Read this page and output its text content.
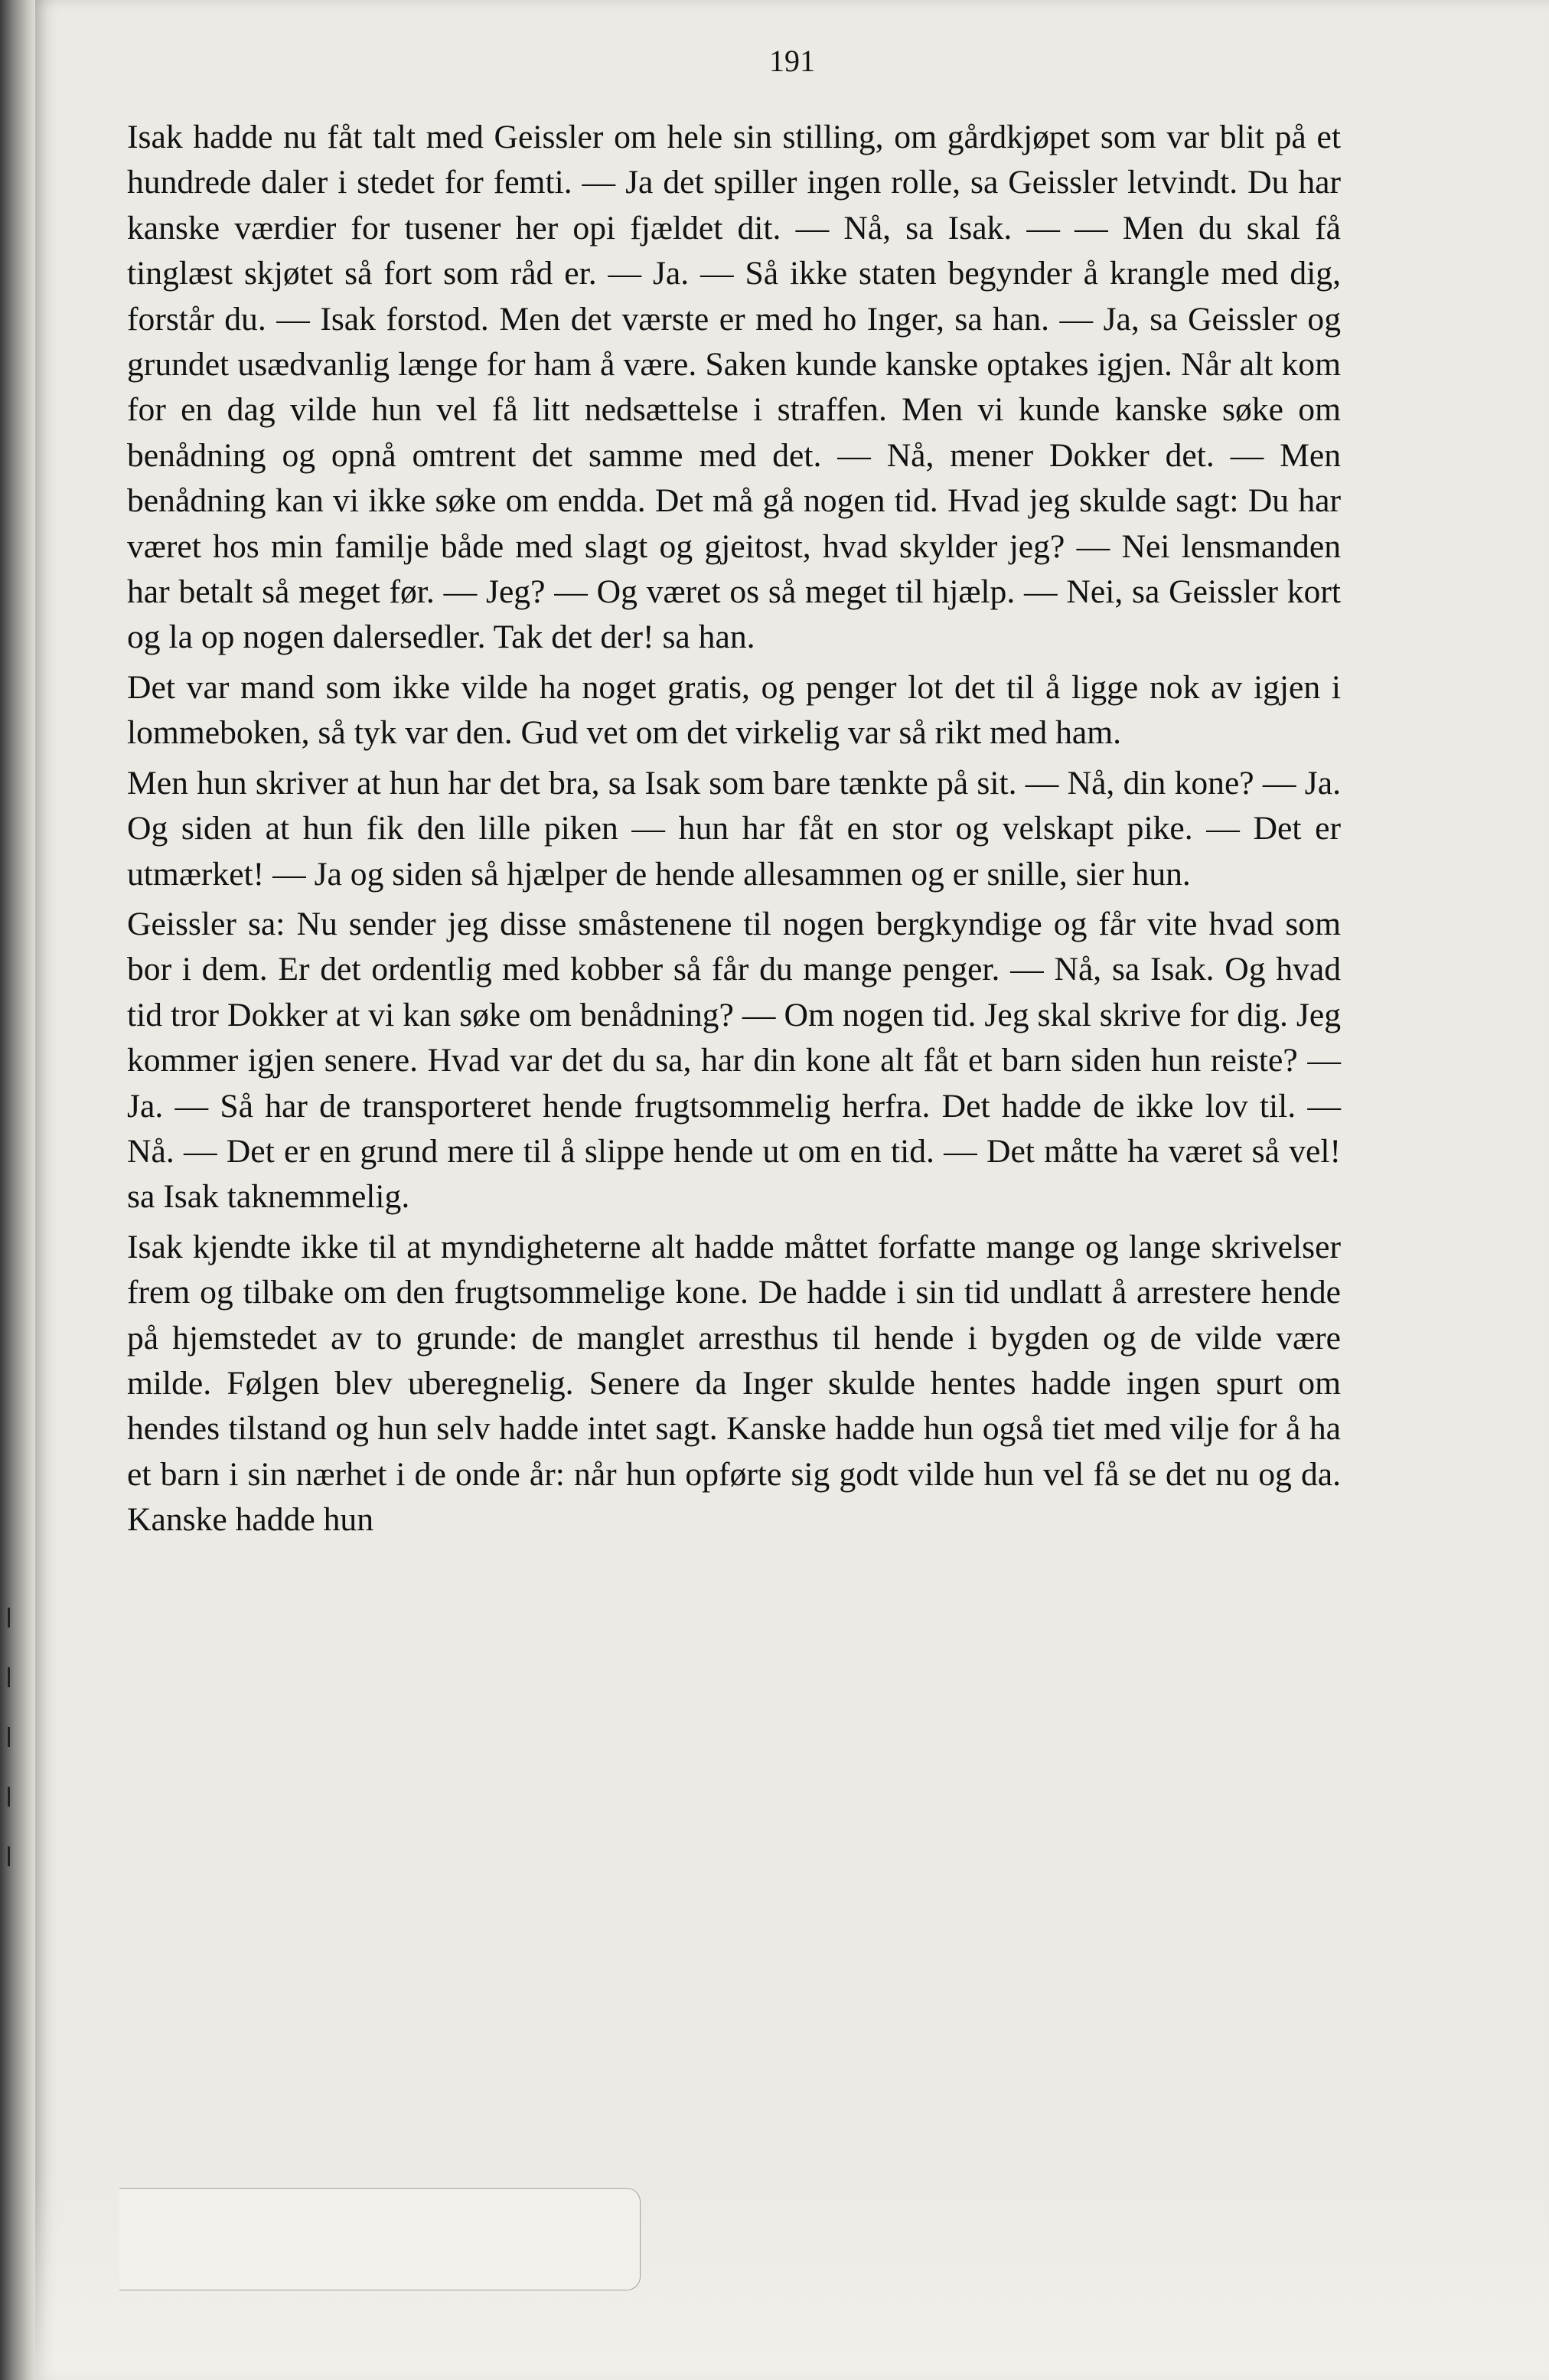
191

Isak hadde nu fåt talt med Geissler om hele sin stilling, om gårdkjøpet som var blit på et hundrede daler i stedet for femti. — Ja det spiller ingen rolle, sa Geissler letvindt. Du har kanske værdier for tusener her opi fjældet dit. — Nå, sa Isak. — — Men du skal få tinglæst skjøtet så fort som råd er. — Ja. — Så ikke staten begynder å krangle med dig, forstår du. — Isak forstod. Men det værste er med ho Inger, sa han. — Ja, sa Geissler og grundet usædvanlig længe for ham å være. Saken kunde kanske optakes igjen. Når alt kom for en dag vilde hun vel få litt nedsættelse i straffen. Men vi kunde kanske søke om benådning og opnå omtrent det samme med det. — Nå, mener Dokker det. — Men benådning kan vi ikke søke om endda. Det må gå nogen tid. Hvad jeg skulde sagt: Du har været hos min familje både med slagt og gjeitost, hvad skylder jeg? — Nei lensmanden har betalt så meget før. — Jeg? — Og været os så meget til hjælp. — Nei, sa Geissler kort og la op nogen dalersedler. Tak det der! sa han.

Det var mand som ikke vilde ha noget gratis, og penger lot det til å ligge nok av igjen i lommeboken, så tyk var den. Gud vet om det virkelig var så rikt med ham.

Men hun skriver at hun har det bra, sa Isak som bare tænkte på sit. — Nå, din kone? — Ja. Og siden at hun fik den lille piken — hun har fåt en stor og velskapt pike. — Det er utmærket! — Ja og siden så hjælper de hende allesammen og er snille, sier hun.

Geissler sa: Nu sender jeg disse småstenene til nogen bergkyndige og får vite hvad som bor i dem. Er det ordentlig med kobber så får du mange penger. — Nå, sa Isak. Og hvad tid tror Dokker at vi kan søke om benådning? — Om nogen tid. Jeg skal skrive for dig. Jeg kommer igjen senere. Hvad var det du sa, har din kone alt fåt et barn siden hun reiste? — Ja. — Så har de transporteret hende frugtsommelig herfra. Det hadde de ikke lov til. — Nå. — Det er en grund mere til å slippe hende ut om en tid. — Det måtte ha været så vel! sa Isak taknemmelig.

Isak kjendte ikke til at myndigheterne alt hadde måttet forfatte mange og lange skrivelser frem og tilbake om den frugtsommelige kone. De hadde i sin tid undlatt å arrestere hende på hjemstedet av to grunde: de manglet arresthus til hende i bygden og de vilde være milde. Følgen blev uberegnelig. Senere da Inger skulde hentes hadde ingen spurt om hendes tilstand og hun selv hadde intet sagt. Kanske hadde hun også tiet med vilje for å ha et barn i sin nærhet i de onde år: når hun opførte sig godt vilde hun vel få se det nu og da. Kanske hadde hun
